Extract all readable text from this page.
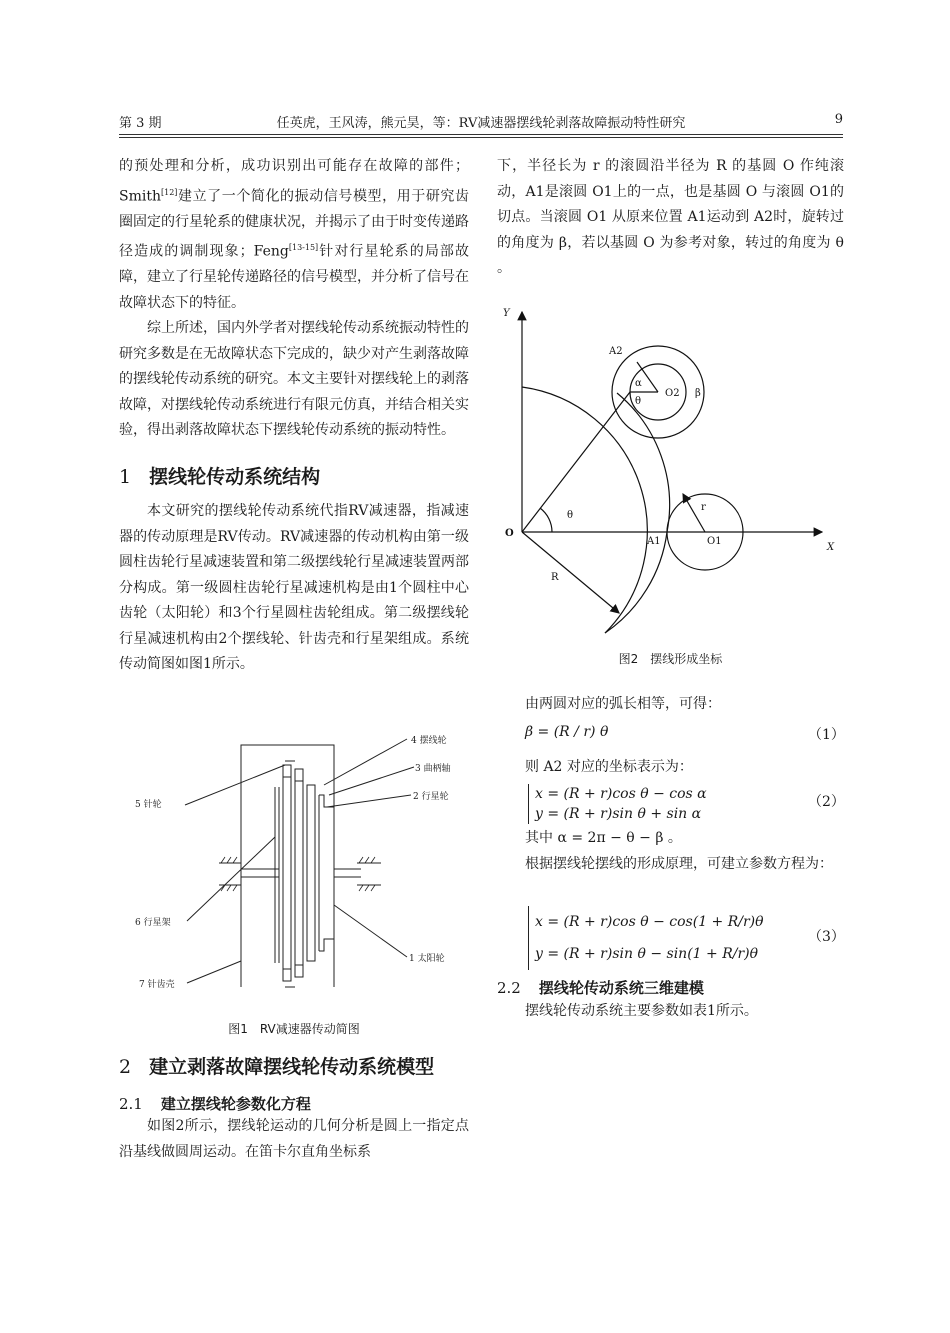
第 3 期	任英虎，王风涛，熊元昊，等：RV减速器摆线轮剥落故障振动特性研究	9

的预处理和分析，成功识别出可能存在故障的部件；Smith[12]建立了一个简化的振动信号模型，用于研究齿圈固定的行星轮系的健康状况，并揭示了由于时变传递路径造成的调制现象；Feng[13-15]针对行星轮系的局部故障，建立了行星轮传递路径的信号模型，并分析了信号在故障状态下的特征。

综上所述，国内外学者对摆线轮传动系统振动特性的研究多数是在无故障状态下完成的，缺少对产生剥落故障的摆线轮传动系统的研究。本文主要针对摆线轮上的剥落故障，对摆线轮传动系统进行有限元仿真，并结合相关实验，得出剥落故障状态下摆线轮传动系统的振动特性。

1 摆线轮传动系统结构

本文研究的摆线轮传动系统代指RV减速器，指减速器的传动原理是RV传动。RV减速器的传动机构由第一级圆柱齿轮行星减速装置和第二级摆线轮行星减速装置两部分构成。第一级圆柱齿轮行星减速机构是由1个圆柱中心齿轮（太阳轮）和3个行星圆柱齿轮组成。第二级摆线轮行星减速机构由2个摆线轮、针齿壳和行星架组成。系统传动简图如图1所示。

4 摆线轮
3 曲柄轴
2 行星轮
5 针轮
6 行星架
1 太阳轮
7 针齿壳
图1　RV减速器传动简图
2 建立剥落故障摆线轮传动系统模型
2.1 建立摆线轮参数化方程

如图2所示，摆线轮运动的几何分析是圆上一指定点沿基线做圆周运动。在笛卡尔直角坐标系

下，半径长为 r 的滚圆沿半径为 R 的基圆 O 作纯滚动，A1是滚圆 O1上的一点，也是基圆 O 与滚圆 O1的切点。当滚圆 O1 从原来位置 A1运动到 A2时，旋转过的角度为 β，若以基圆 O 为参考对象，转过的角度为 θ 。

Y
X
O
A1	O1
A2
O2
α
β
θ
θ
R
r
图2　摆线形成坐标

由两圆对应的弧长相等，可得：

β = (R / r) θ	（1）

则 A2 对应的坐标表示为：

x = (R + r)cos θ − cos α
y = (R + r)sin θ + sin α
（2）

其中 α = 2π − θ − β 。

根据摆线轮摆线的形成原理，可建立参数方程为：

x = (R + r)cos θ − cos(1 + R/r)θ
y = (R + r)sin θ − sin(1 + R/r)θ
（3）
2.2 摆线轮传动系统三维建模

摆线轮传动系统主要参数如表1所示。
